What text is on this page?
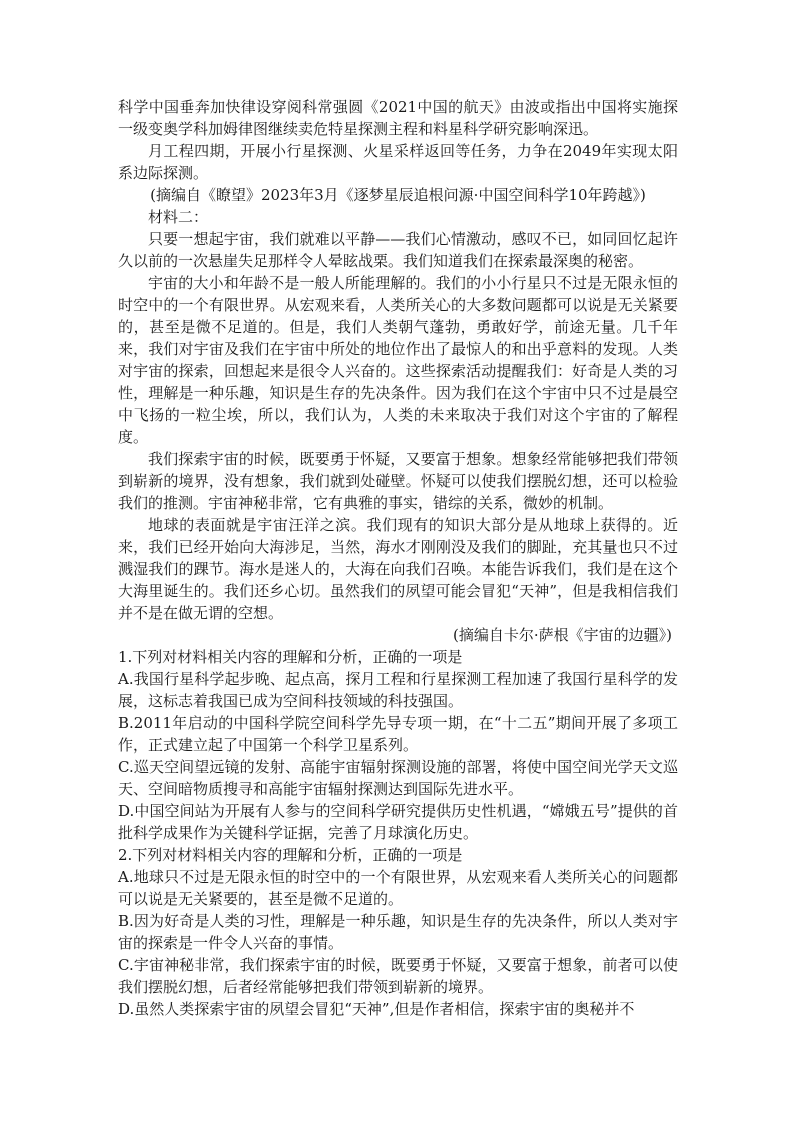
科学中国垂奔加快律设穿阅科常强圆《2021中国的航天》由波或指出中国将实施探一级变奥学科加姆律图继续卖危特星探测主程和料星科学研究影响深迅。

月工程四期，开展小行星探测、火星采样返回等任务，力争在2049年实现太阳系边际探测。

(摘编自《瞭望》2023年3月《逐梦星辰追根问源·中国空间科学10年跨越》)

材料二：

只要一想起宇宙，我们就难以平静——我们心情激动，感叹不已，如同回忆起许久以前的一次悬崖失足那样令人晕眩战栗。我们知道我们在探索最深奥的秘密。

宇宙的大小和年龄不是一般人所能理解的。我们的小小行星只不过是无限永恒的时空中的一个有限世界。从宏观来看，人类所关心的大多数问题都可以说是无关紧要的，甚至是微不足道的。但是，我们人类朝气蓬勃，勇敢好学，前途无量。几千年来，我们对宇宙及我们在宇宙中所处的地位作出了最惊人的和出乎意料的发现。人类对宇宙的探索，回想起来是很令人兴奋的。这些探索活动提醒我们：好奇是人类的习性，理解是一种乐趣，知识是生存的先决条件。因为我们在这个宇宙中只不过是晨空中飞扬的一粒尘埃，所以，我们认为，人类的未来取决于我们对这个宇宙的了解程度。

我们探索宇宙的时候，既要勇于怀疑，又要富于想象。想象经常能够把我们带领到崭新的境界，没有想象，我们就到处碰壁。怀疑可以使我们摆脱幻想，还可以检验我们的推测。宇宙神秘非常，它有典雅的事实，错综的关系，微妙的机制。

地球的表面就是宇宙汪洋之滨。我们现有的知识大部分是从地球上获得的。近来，我们已经开始向大海涉足，当然，海水才刚刚没及我们的脚趾，充其量也只不过溅湿我们的踝节。海水是迷人的，大海在向我们召唤。本能告诉我们，我们是在这个大海里诞生的。我们还乡心切。虽然我们的夙望可能会冒犯“天神”，但是我相信我们并不是在做无谓的空想。

(摘编自卡尔·萨根《宇宙的边疆》)

1.下列对材料相关内容的理解和分析，正确的一项是

A.我国行星科学起步晚、起点高，探月工程和行星探测工程加速了我国行星科学的发展，这标志着我国已成为空间科技领域的科技强国。

B.2011年启动的中国科学院空间科学先导专项一期，在“十二五”期间开展了多项工作，正式建立起了中国第一个科学卫星系列。

C.巡天空间望远镜的发射、高能宇宙辐射探测设施的部署，将使中国空间光学天文巡天、空间暗物质搜寻和高能宇宙辐射探测达到国际先进水平。

D.中国空间站为开展有人参与的空间科学研究提供历史性机遇，“嫦娥五号”提供的首批科学成果作为关键科学证据，完善了月球演化历史。

2.下列对材料相关内容的理解和分析，正确的一项是

A.地球只不过是无限永恒的时空中的一个有限世界，从宏观来看人类所关心的问题都可以说是无关紧要的，甚至是微不足道的。

B.因为好奇是人类的习性，理解是一种乐趣，知识是生存的先决条件，所以人类对宇宙的探索是一件令人兴奋的事情。

C.宇宙神秘非常，我们探索宇宙的时候，既要勇于怀疑，又要富于想象，前者可以使我们摆脱幻想，后者经常能够把我们带领到崭新的境界。

D.虽然人类探索宇宙的夙望会冒犯“天神”,但是作者相信，探索宇宙的奥秘并不
